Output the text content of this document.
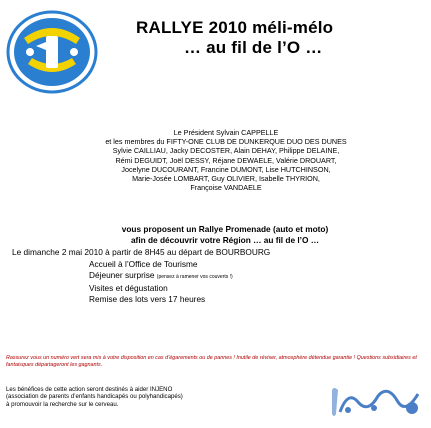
RALLYE 2010 méli-mélo
… au fil de l’O …
Le Président Sylvain CAPPELLE
et les membres du FIFTY-ONE CLUB DE DUNKERQUE DUO DES DUNES
Sylvie CAILLIAU, Jacky DECOSTER, Alain DEHAY, Philippe DELAINE,
Rémi DEGUIDT, Joël DESSY, Réjane DEWAELE, Valérie DROUART,
Jocelyne DUCOURANT, Francine DUMONT, Lise HUTCHINSON,
Marie-Josée LOMBART, Guy OLIVIER, Isabelle THYRION,
Françoise VANDAELE
vous proposent un Rallye Promenade (auto et moto)
afin de découvrir votre Région … au fil de l’O …
Le dimanche 2 mai 2010 à partir de 8H45 au départ de BOURBOURG
Accueil à l’Office de Tourisme
Déjeuner surprise (pensez à ramener vos couverts !)
Visites et dégustation
Remise des lots vers 17 heures
Rassurez vous un numéro vert sera mis à votre disposition en cas d’égarements ou de pannes ! Inutile de réviser, atmosphère détendue garantie ! Questions subsidiaires et fantaisques départageront les gagnants.
Les bénéfices de cette action seront destinés à aider INJENO
(association de parents d’enfants handicapés ou polyhandicapés)
à promouvoir la recherche sur le cerveau.
